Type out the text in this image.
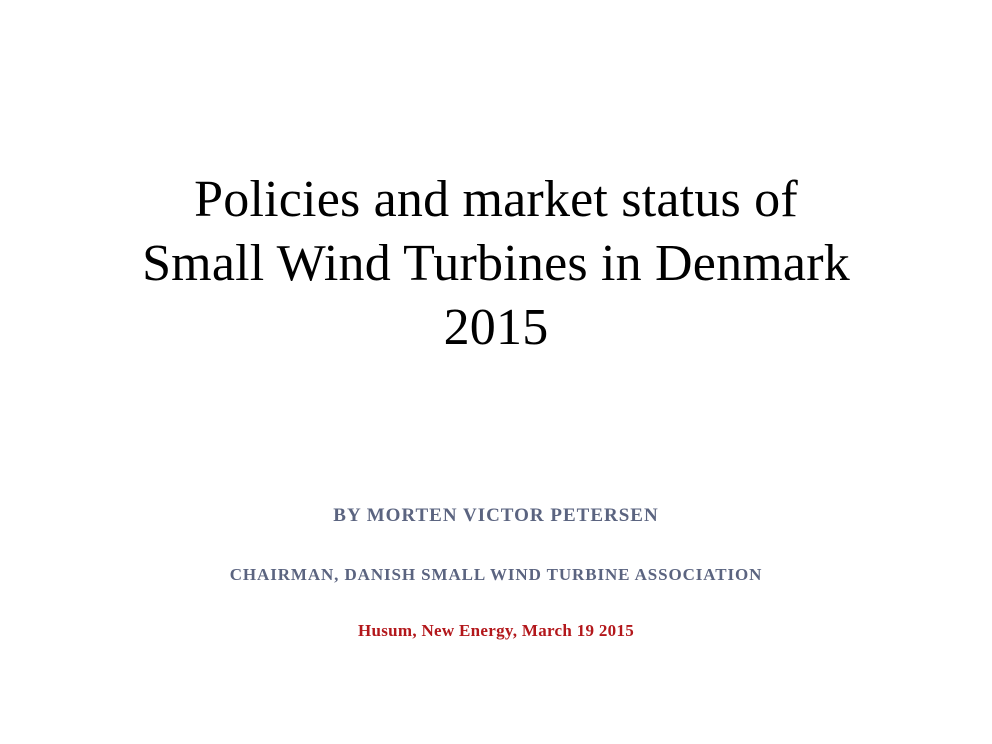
Policies and market status of
Small Wind Turbines in Denmark
2015
BY MORTEN VICTOR PETERSEN
CHAIRMAN, DANISH SMALL WIND TURBINE ASSOCIATION
Husum, New Energy, March 19 2015
